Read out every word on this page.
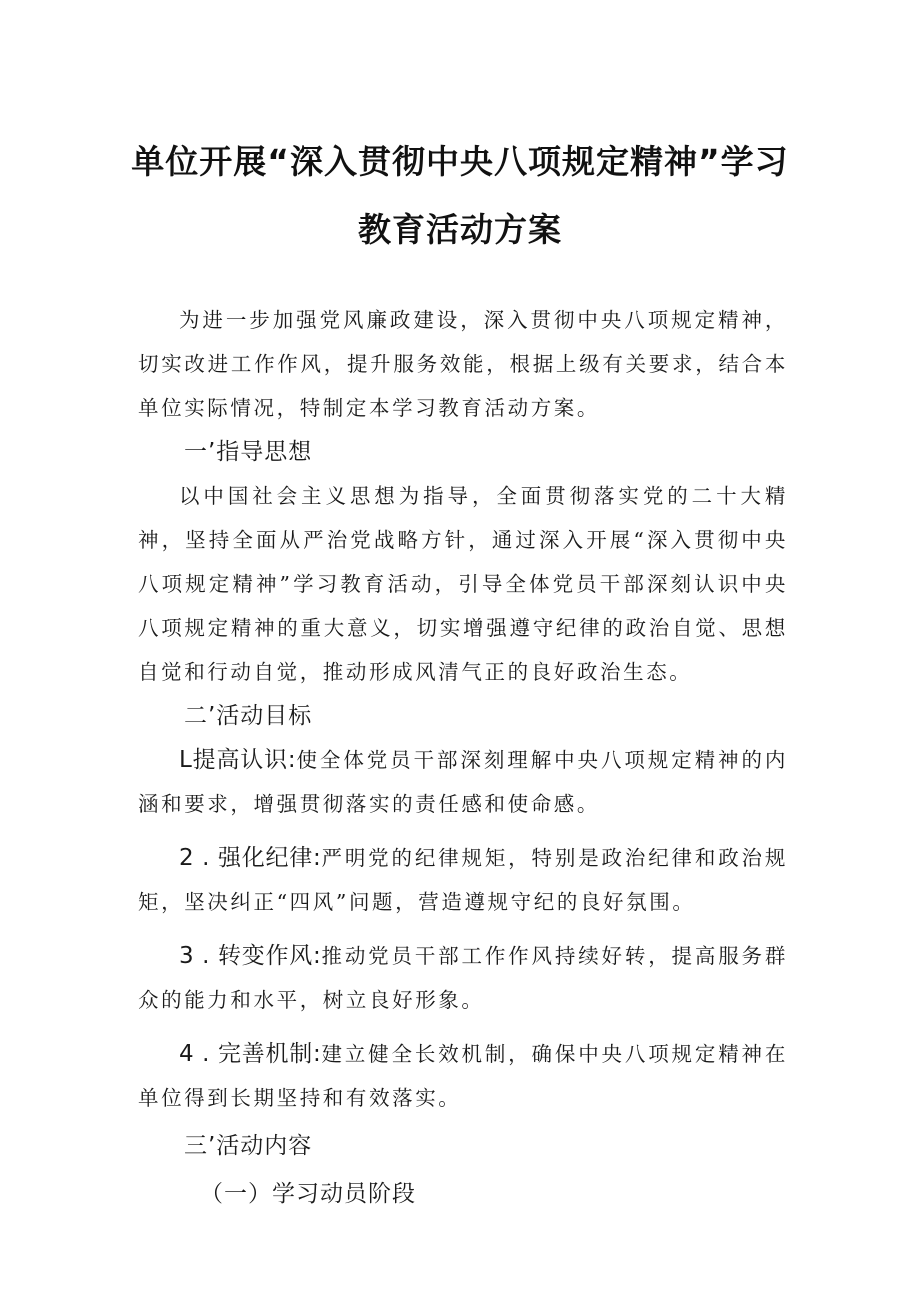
单位开展“深入贯彻中央八项规定精神”学习
教育活动方案

为进一步加强党风廉政建设，深入贯彻中央八项规定精神，切实改进工作作风，提升服务效能，根据上级有关要求，结合本单位实际情况，特制定本学习教育活动方案。

一’指导思想

以中国社会主义思想为指导，全面贯彻落实党的二十大精神，坚持全面从严治党战略方针，通过深入开展“深入贯彻中央八项规定精神”学习教育活动，引导全体党员干部深刻认识中央八项规定精神的重大意义，切实增强遵守纪律的政治自觉、思想自觉和行动自觉，推动形成风清气正的良好政治生态。

二’活动目标

L提高认识:使全体党员干部深刻理解中央八项规定精神的内涵和要求，增强贯彻落实的责任感和使命感。

2 . 强化纪律:严明党的纪律规矩，特别是政治纪律和政治规矩，坚决纠正“四风”问题，营造遵规守纪的良好氛围。

3 . 转变作风:推动党员干部工作作风持续好转，提高服务群众的能力和水平，树立良好形象。

4 . 完善机制:建立健全长效机制，确保中央八项规定精神在单位得到长期坚持和有效落实。

三’活动内容
（一）学习动员阶段
